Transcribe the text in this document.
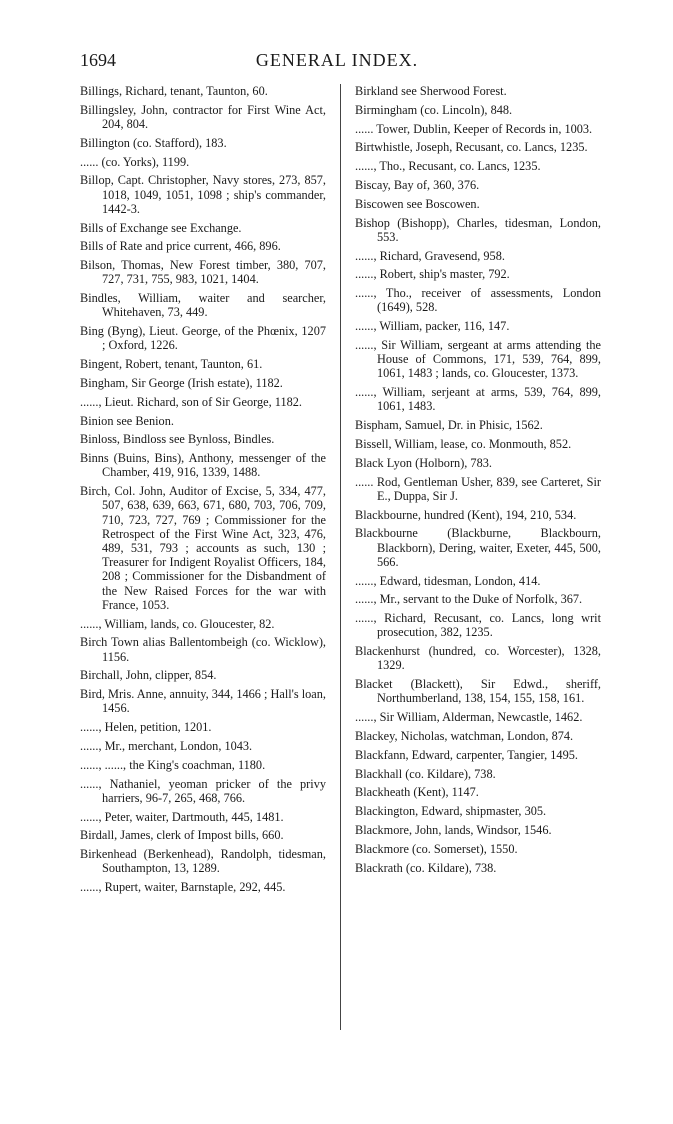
1694	GENERAL INDEX.

Billings, Richard, tenant, Taunton, 60.

Billingsley, John, contractor for First Wine Act, 204, 804.

Billington (co. Stafford), 183.

...... (co. Yorks), 1199.

Billop, Capt. Christopher, Navy stores, 273, 857, 1018, 1049, 1051, 1098 ; ship's commander, 1442-3.

Bills of Exchange see Exchange.

Bills of Rate and price current, 466, 896.

Bilson, Thomas, New Forest timber, 380, 707, 727, 731, 755, 983, 1021, 1404.

Bindles, William, waiter and searcher, Whitehaven, 73, 449.

Bing (Byng), Lieut. George, of the Phœnix, 1207 ; Oxford, 1226.

Bingent, Robert, tenant, Taunton, 61.

Bingham, Sir George (Irish estate), 1182.

......, Lieut. Richard, son of Sir George, 1182.

Binion see Benion.

Binloss, Bindloss see Bynloss, Bindles.

Binns (Buins, Bins), Anthony, messenger of the Chamber, 419, 916, 1339, 1488.

Birch, Col. John, Auditor of Excise, 5, 334, 477, 507, 638, 639, 663, 671, 680, 703, 706, 709, 710, 723, 727, 769 ; Commissioner for the Retrospect of the First Wine Act, 323, 476, 489, 531, 793 ; accounts as such, 130 ; Treasurer for Indigent Royalist Officers, 184, 208 ; Commissioner for the Disbandment of the New Raised Forces for the war with France, 1053.

......, William, lands, co. Gloucester, 82.

Birch Town alias Ballentombeigh (co. Wicklow), 1156.

Birchall, John, clipper, 854.

Bird, Mris. Anne, annuity, 344, 1466 ; Hall's loan, 1456.

......, Helen, petition, 1201.

......, Mr., merchant, London, 1043.

......, ......, the King's coachman, 1180.

......, Nathaniel, yeoman pricker of the privy harriers, 96-7, 265, 468, 766.

......, Peter, waiter, Dartmouth, 445, 1481.

Birdall, James, clerk of Impost bills, 660.

Birkenhead (Berkenhead), Randolph, tidesman, Southampton, 13, 1289.

......, Rupert, waiter, Barnstaple, 292, 445.

Birkland see Sherwood Forest.

Birmingham (co. Lincoln), 848.

...... Tower, Dublin, Keeper of Records in, 1003.

Birtwhistle, Joseph, Recusant, co. Lancs, 1235.

......, Tho., Recusant, co. Lancs, 1235.

Biscay, Bay of, 360, 376.

Biscowen see Boscowen.

Bishop (Bishopp), Charles, tidesman, London, 553.

......, Richard, Gravesend, 958.

......, Robert, ship's master, 792.

......, Tho., receiver of assessments, London (1649), 528.

......, William, packer, 116, 147.

......, Sir William, sergeant at arms attending the House of Commons, 171, 539, 764, 899, 1061, 1483 ; lands, co. Gloucester, 1373.

......, William, serjeant at arms, 539, 764, 899, 1061, 1483.

Bispham, Samuel, Dr. in Phisic, 1562.

Bissell, William, lease, co. Monmouth, 852.

Black Lyon (Holborn), 783.

...... Rod, Gentleman Usher, 839, see Carteret, Sir E., Duppa, Sir J.

Blackbourne, hundred (Kent), 194, 210, 534.

Blackbourne (Blackburne, Blackbourn, Blackborn), Dering, waiter, Exeter, 445, 500, 566.

......, Edward, tidesman, London, 414.

......, Mr., servant to the Duke of Norfolk, 367.

......, Richard, Recusant, co. Lancs, long writ prosecution, 382, 1235.

Blackenhurst (hundred, co. Worcester), 1328, 1329.

Blacket (Blackett), Sir Edwd., sheriff, Northumberland, 138, 154, 155, 158, 161.

......, Sir William, Alderman, Newcastle, 1462.

Blackey, Nicholas, watchman, London, 874.

Blackfann, Edward, carpenter, Tangier, 1495.

Blackhall (co. Kildare), 738.

Blackheath (Kent), 1147.

Blackington, Edward, shipmaster, 305.

Blackmore, John, lands, Windsor, 1546.

Blackmore (co. Somerset), 1550.

Blackrath (co. Kildare), 738.
